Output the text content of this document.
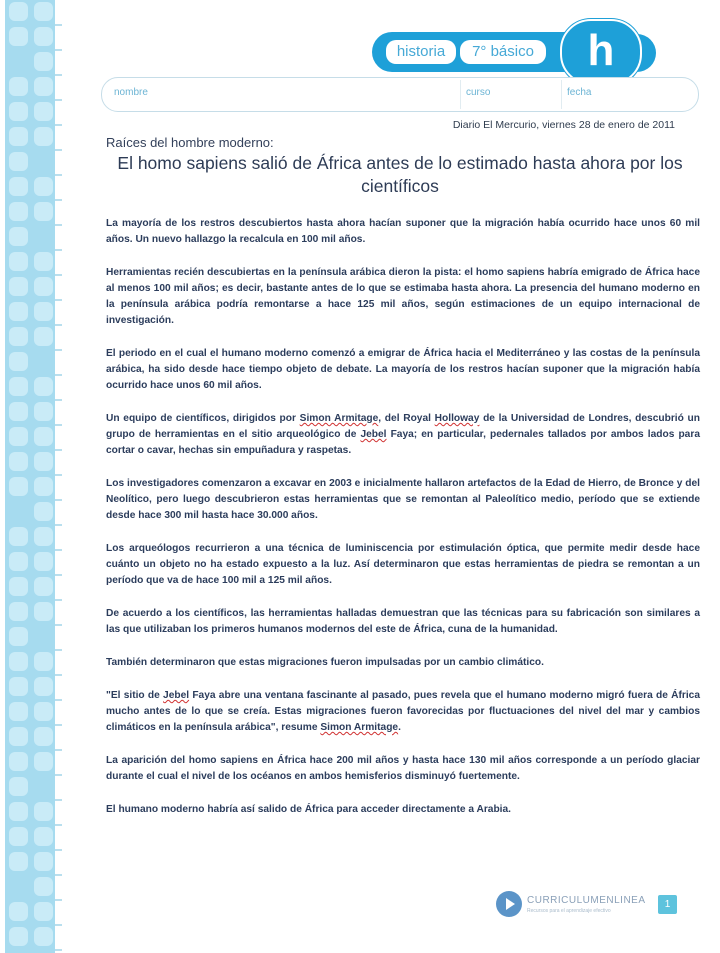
historia	7° básico	h
nombre	curso	fecha
Diario El Mercurio, viernes 28 de enero de 2011
Raíces del hombre moderno:
El homo sapiens salió de África antes de lo estimado hasta ahora por los científicos

La mayoría de los restros descubiertos hasta ahora hacían suponer que la migración había ocurrido hace unos 60 mil años. Un nuevo hallazgo la recalcula en 100 mil años.

Herramientas recién descubiertas en la península arábica dieron la pista: el homo sapiens habría emigrado de África hace al menos 100 mil años; es decir, bastante antes de lo que se estimaba hasta ahora. La presencia del humano moderno en la península arábica podría remontarse a hace 125 mil años, según estimaciones de un equipo internacional de investigación.

El periodo en el cual el humano moderno comenzó a emigrar de África hacia el Mediterráneo y las costas de la península arábica, ha sido desde hace tiempo objeto de debate. La mayoría de los restros hacían suponer que la migración había ocurrido hace unos 60 mil años.

Un equipo de científicos, dirigidos por Simon Armitage, del Royal Holloway de la Universidad de Londres, descubrió un grupo de herramientas en el sitio arqueológico de Jebel Faya; en particular, pedernales tallados por ambos lados para cortar o cavar, hechas sin empuñadura y raspetas.

Los investigadores comenzaron a excavar en 2003 e inicialmente hallaron artefactos de la Edad de Hierro, de Bronce y del Neolítico, pero luego descubrieron estas herramientas que se remontan al Paleolítico medio, período que se extiende desde hace 300 mil hasta hace 30.000 años.

Los arqueólogos recurrieron a una técnica de luminiscencia por estimulación óptica, que permite medir desde hace cuánto un objeto no ha estado expuesto a la luz. Así determinaron que estas herramientas de piedra se remontan a un período que va de hace 100 mil a 125 mil años.

De acuerdo a los científicos, las herramientas halladas demuestran que las técnicas para su fabricación son similares a las que utilizaban los primeros humanos modernos del este de África, cuna de la humanidad.

También determinaron que estas migraciones fueron impulsadas por un cambio climático.

"El sitio de Jebel Faya abre una ventana fascinante al pasado, pues revela que el humano moderno migró fuera de África mucho antes de lo que se creía. Estas migraciones fueron favorecidas por fluctuaciones del nivel del mar y cambios climáticos en la península arábica", resume Simon Armitage.

La aparición del homo sapiens en África hace 200 mil años y hasta hace 130 mil años corresponde a un período glaciar durante el cual el nivel de los océanos en ambos hemisferios disminuyó fuertemente.

El humano moderno habría así salido de África para acceder directamente a Arabia.

CURRICULUMENLINEA
Recursos para el aprendizaje efectivo
1
